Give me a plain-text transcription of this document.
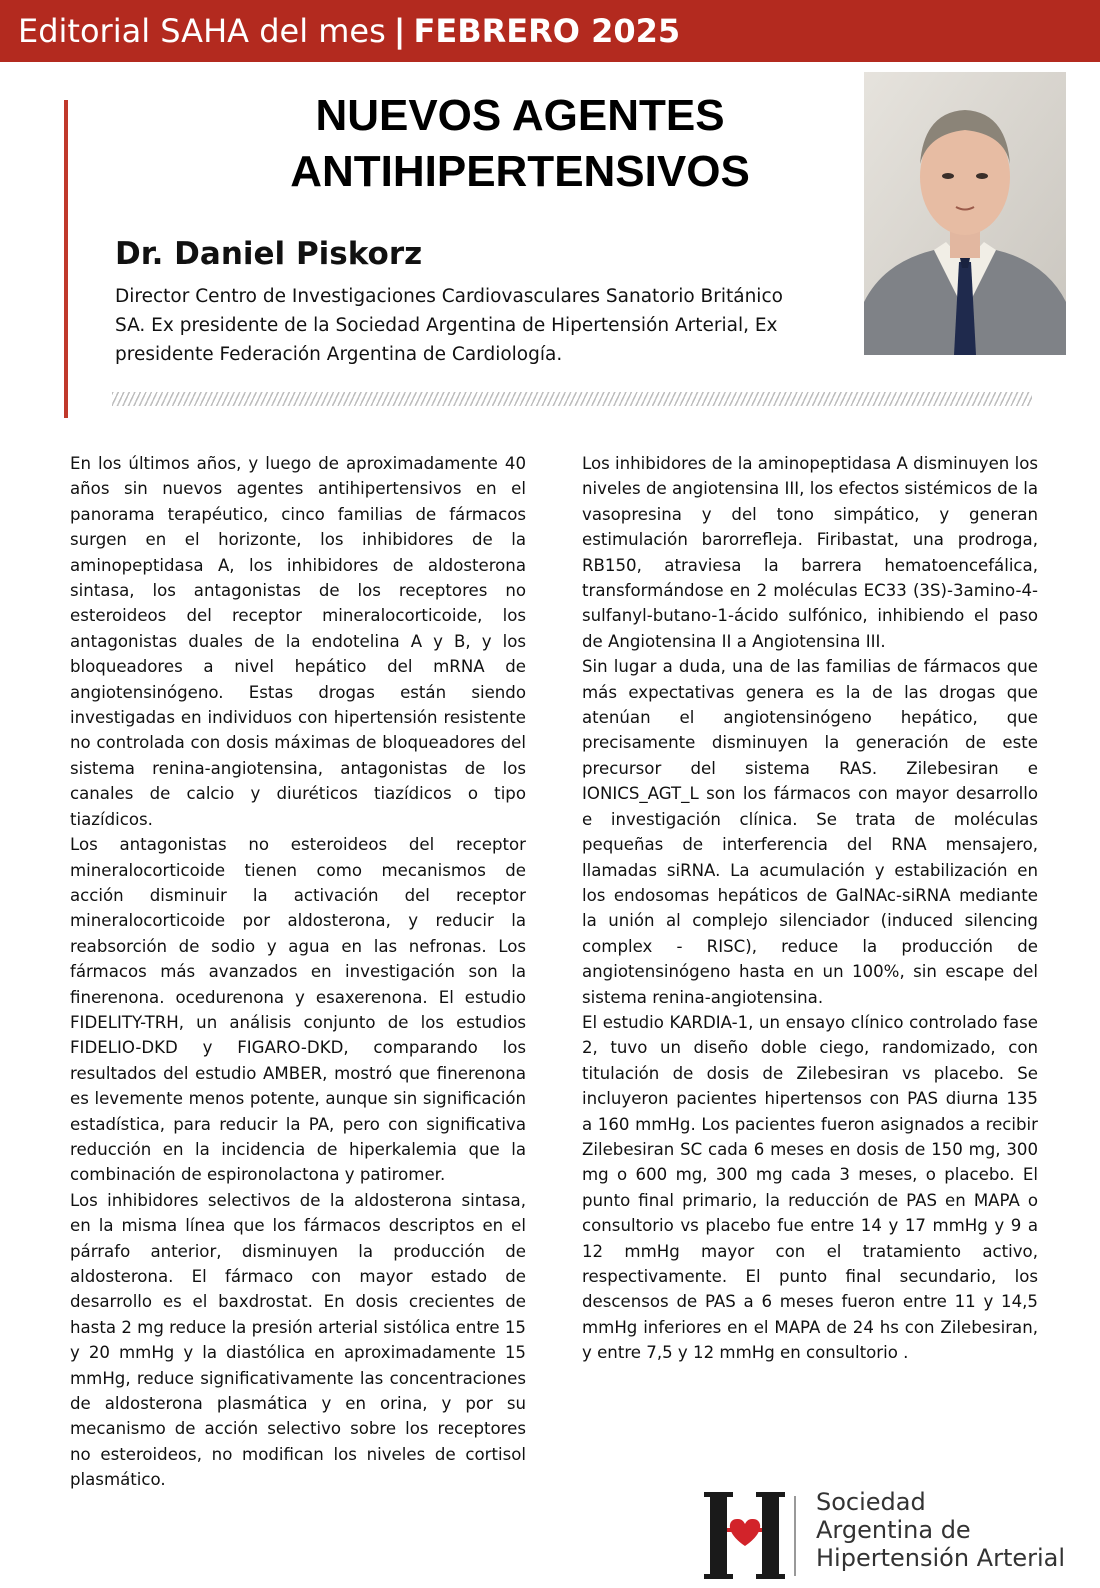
Editorial SAHA del mes | FEBRERO 2025
NUEVOS AGENTES
ANTIHIPERTENSIVOS

Dr. Daniel Piskorz

Director Centro de Investigaciones Cardiovasculares Sanatorio Británico SA. Ex presidente de la Sociedad Argentina de Hipertensión Arterial, Ex presidente Federación Argentina de Cardiología.

En los últimos años, y luego de aproximadamente 40 años sin nuevos agentes antihipertensivos en el panorama terapéutico, cinco familias de fármacos surgen en el horizonte, los inhibidores de la aminopeptidasa A, los inhibidores de aldosterona sintasa, los antagonistas de los receptores no esteroideos del receptor mineralocorticoide, los antagonistas duales de la endotelina A y B, y los bloqueadores a nivel hepático del mRNA de angiotensinógeno. Estas drogas están siendo investigadas en individuos con hipertensión resistente no controlada con dosis máximas de bloqueadores del sistema renina-angiotensina, antagonistas de los canales de calcio y diuréticos tiazídicos o tipo tiazídicos.

Los antagonistas no esteroideos del receptor mineralocorticoide tienen como mecanismos de acción disminuir la activación del receptor mineralocorticoide por aldosterona, y reducir la reabsorción de sodio y agua en las nefronas. Los fármacos más avanzados en investigación son la finerenona. ocedurenona y esaxerenona. El estudio FIDELITY-TRH, un análisis conjunto de los estudios FIDELIO-DKD y FIGARO-DKD, comparando los resultados del estudio AMBER, mostró que finerenona es levemente menos potente, aunque sin significación estadística, para reducir la PA, pero con significativa reducción en la incidencia de hiperkalemia que la combinación de espironolactona y patiromer.

Los inhibidores selectivos de la aldosterona sintasa, en la misma línea que los fármacos descriptos en el párrafo anterior, disminuyen la producción de aldosterona. El fármaco con mayor estado de desarrollo es el baxdrostat. En dosis crecientes de hasta 2 mg reduce la presión arterial sistólica entre 15 y 20 mmHg y la diastólica en aproximadamente 15 mmHg, reduce significativamente las concentraciones de aldosterona plasmática y en orina, y por su mecanismo de acción selectivo sobre los receptores no esteroideos, no modifican los niveles de cortisol plasmático.

Los inhibidores de la aminopeptidasa A disminuyen los niveles de angiotensina III, los efectos sistémicos de la vasopresina y del tono simpático, y generan estimulación barorrefleja. Firibastat, una prodroga, RB150, atraviesa la barrera hematoencefálica, transformándose en 2 moléculas EC33 (3S)-3amino-4-sulfanyl-butano-1-ácido sulfónico, inhibiendo el paso de Angiotensina II a Angiotensina III.

Sin lugar a duda, una de las familias de fármacos que más expectativas genera es la de las drogas que atenúan el angiotensinógeno hepático, que precisamente disminuyen la generación de este precursor del sistema RAS. Zilebesiran e IONICS_AGT_L son los fármacos con mayor desarrollo e investigación clínica. Se trata de moléculas pequeñas de interferencia del RNA mensajero, llamadas siRNA. La acumulación y estabilización en los endosomas hepáticos de GalNAc-siRNA mediante la unión al complejo silenciador (induced silencing complex - RISC), reduce la producción de angiotensinógeno hasta en un 100%, sin escape del sistema renina-angiotensina.

El estudio KARDIA-1, un ensayo clínico controlado fase 2, tuvo un diseño doble ciego, randomizado, con titulación de dosis de Zilebesiran vs placebo. Se incluyeron pacientes hipertensos con PAS diurna 135 a 160 mmHg. Los pacientes fueron asignados a recibir Zilebesiran SC cada 6 meses en dosis de 150 mg, 300 mg o 600 mg, 300 mg cada 3 meses, o placebo. El punto final primario, la reducción de PAS en MAPA o consultorio vs placebo fue entre 14 y 17 mmHg y 9 a 12 mmHg mayor con el tratamiento activo, respectivamente. El punto final secundario, los descensos de PAS a 6 meses fueron entre 11 y 14,5 mmHg inferiores en el MAPA de 24 hs con Zilebesiran, y entre 7,5 y 12 mmHg en consultorio .

Sociedad
Argentina de
Hipertensión Arterial
